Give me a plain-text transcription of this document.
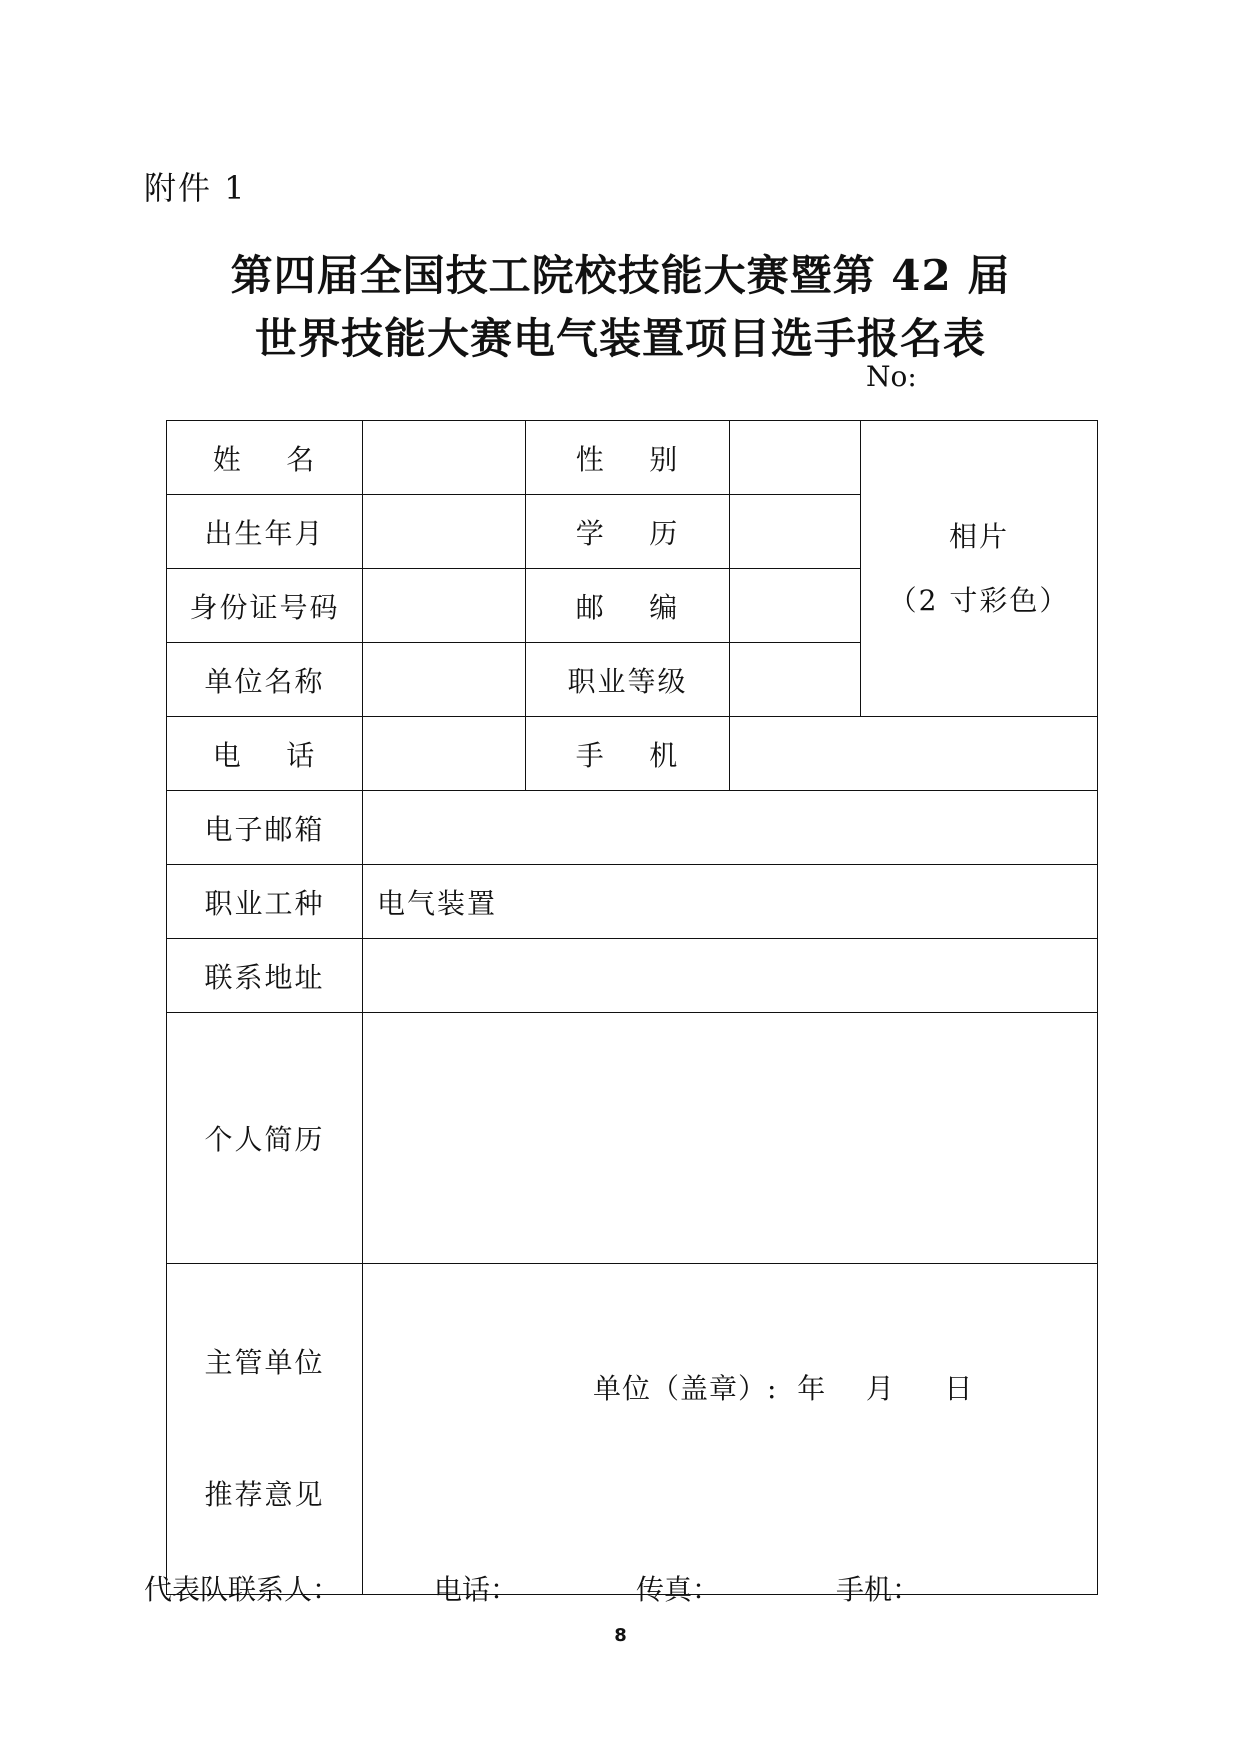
附件 1
第四届全国技工院校技能大赛暨第 42 届
世界技能大赛电气装置项目选手报名表
No:
姓    名		性    别		相片
（2 寸彩色）

出生年月		学    历		
身份证号码		邮    编		
单位名称		职业等级		
电    话		手    机		
电子邮箱				
职业工种	电气装置			
联系地址				
个人简历				

主管单位

推荐意见	单位（盖章）:  年    月     日			
代表队联系人：	电话：	传真：	手机：
8
